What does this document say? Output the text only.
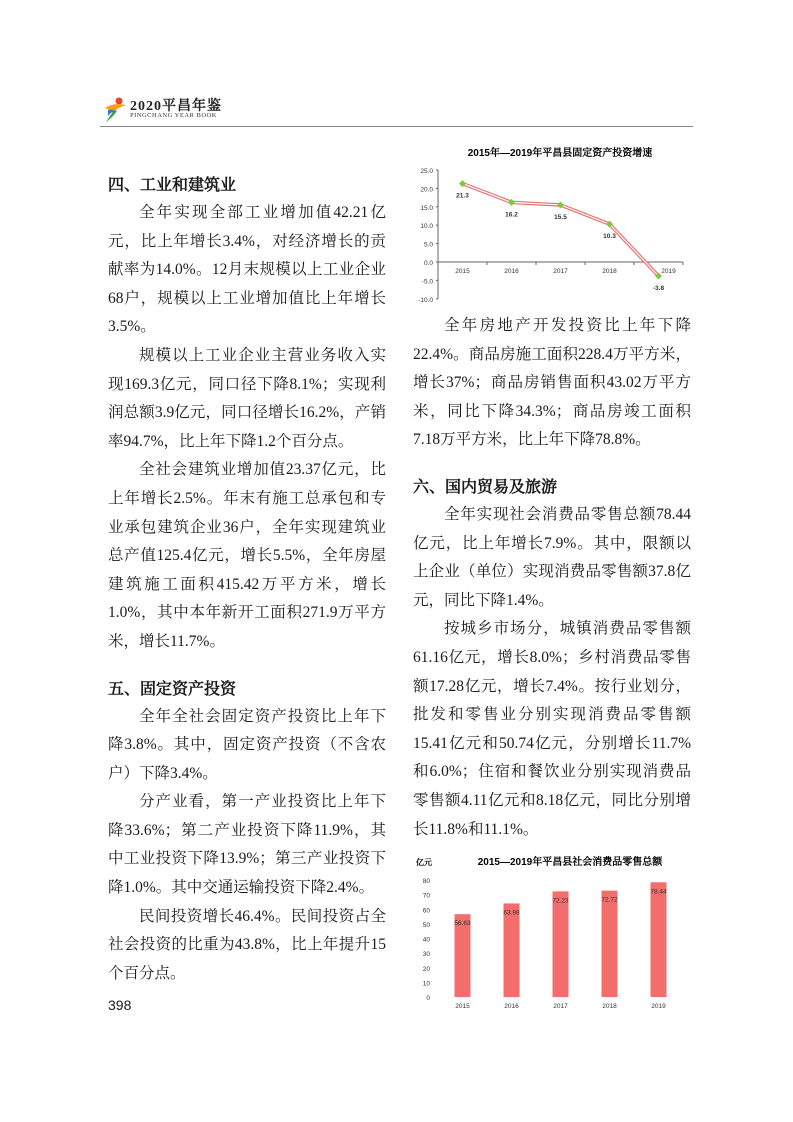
2020平昌年鉴
PINGCHANG YEAR BOOK
四、工业和建筑业

全年实现全部工业增加值42.21亿元，比上年增长3.4%，对经济增长的贡献率为14.0%。12月末规模以上工业企业68户，规模以上工业增加值比上年增长3.5%。

规模以上工业企业主营业务收入实现169.3亿元，同口径下降8.1%；实现利润总额3.9亿元，同口径增长16.2%，产销率94.7%，比上年下降1.2个百分点。

全社会建筑业增加值23.37亿元，比上年增长2.5%。年末有施工总承包和专业承包建筑企业36户，全年实现建筑业总产值125.4亿元，增长5.5%，全年房屋建筑施工面积415.42万平方米，增长1.0%，其中本年新开工面积271.9万平方米，增长11.7%。

五、固定资产投资

全年全社会固定资产投资比上年下降3.8%。其中，固定资产投资（不含农户）下降3.4%。

分产业看，第一产业投资比上年下降33.6%；第二产业投资下降11.9%，其中工业投资下降13.9%；第三产业投资下降1.0%。其中交通运输投资下降2.4%。

民间投资增长46.4%。民间投资占全社会投资的比重为43.8%，比上年提升15个百分点。

398
2015年—2019年平昌县固定资产投资增速
25.0
20.0
15.0
10.0
5.0
0.0
-5.0
-10.0
2015	2016	2017	2018	2019
21.3
16.2	15.5
10.3
-3.8

全年房地产开发投资比上年下降22.4%。商品房施工面积228.4万平方米，增长37%；商品房销售面积43.02万平方米，同比下降34.3%；商品房竣工面积7.18万平方米，比上年下降78.8%。

六、国内贸易及旅游

全年实现社会消费品零售总额78.44亿元，比上年增长7.9%。其中，限额以上企业（单位）实现消费品零售额37.8亿元，同比下降1.4%。

按城乡市场分，城镇消费品零售额61.16亿元，增长8.0%；乡村消费品零售额17.28亿元，增长7.4%。按行业划分，批发和零售业分别实现消费品零售额15.41亿元和50.74亿元，分别增长11.7%和6.0%；住宿和餐饮业分别实现消费品零售额4.11亿元和8.18亿元，同比分别增长11.8%和11.1%。

亿元	2015—2019年平昌县社会消费品零售总额
80
70
60
50
40
30
20
10
0
56.63
2015
63.98
2016
72.23
2017
72.72
2018
78.44
2019
